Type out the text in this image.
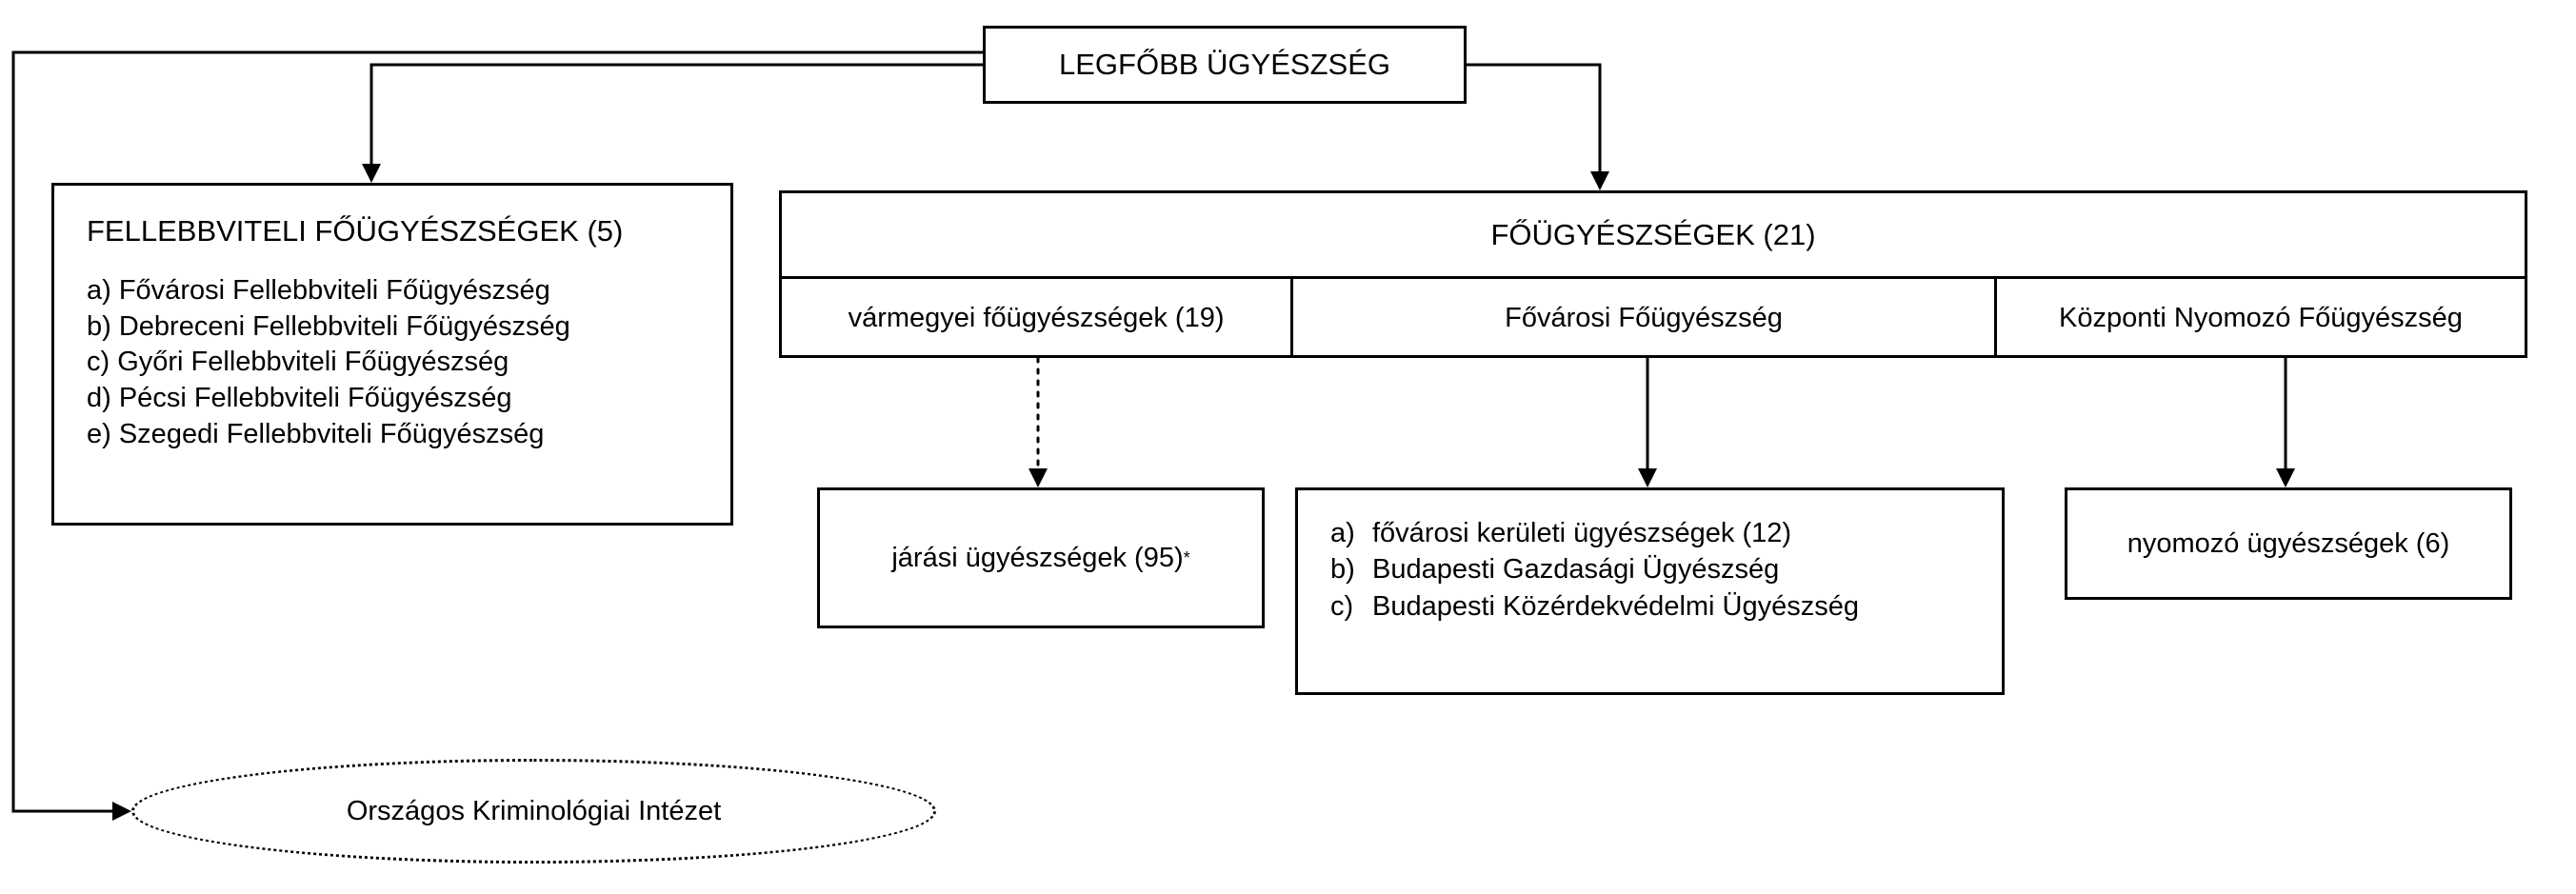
LEGFŐBB ÜGYÉSZSÉG
FELLEBBVITELI FŐÜGYÉSZSÉGEK (5)
a) Fővárosi Fellebbviteli Főügyészség
b) Debreceni Fellebbviteli Főügyészség
c) Győri Fellebbviteli Főügyészség
d) Pécsi Fellebbviteli Főügyészség
e) Szegedi Fellebbviteli Főügyészség
FŐÜGYÉSZSÉGEK (21)
vármegyei főügyészségek (19)	Fővárosi Főügyészség	Központi Nyomozó Főügyészség
járási ügyészségek (95) *
a) fővárosi kerületi ügyészségek (12)
b) Budapesti Gazdasági Ügyészség
c) Budapesti Közérdekvédelmi Ügyészség
nyomozó ügyészségek (6)
Országos Kriminológiai Intézet
